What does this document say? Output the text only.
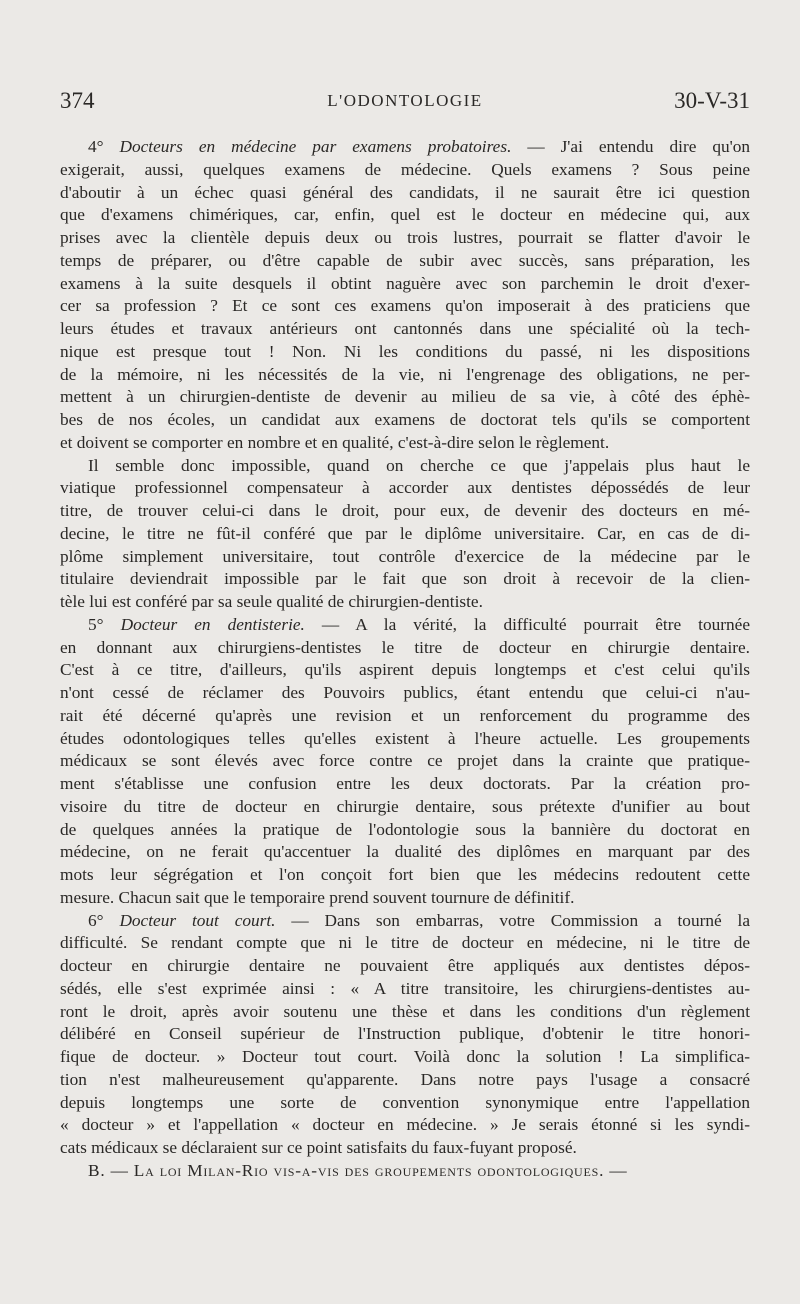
374	L'ODONTOLOGIE	30-V-31
4° Docteurs en médecine par examens probatoires. — J'ai entendu dire qu'on
exigerait, aussi, quelques examens de médecine. Quels examens ? Sous peine
d'aboutir à un échec quasi général des candidats, il ne saurait être ici question
que d'examens chimériques, car, enfin, quel est le docteur en médecine qui, aux
prises avec la clientèle depuis deux ou trois lustres, pourrait se flatter d'avoir le
temps de préparer, ou d'être capable de subir avec succès, sans préparation, les
examens à la suite desquels il obtint naguère avec son parchemin le droit d'exer-
cer sa profession ? Et ce sont ces examens qu'on imposerait à des praticiens que
leurs études et travaux antérieurs ont cantonnés dans une spécialité où la tech-
nique est presque tout ! Non. Ni les conditions du passé, ni les dispositions
de la mémoire, ni les nécessités de la vie, ni l'engrenage des obligations, ne per-
mettent à un chirurgien-dentiste de devenir au milieu de sa vie, à côté des éphè-
bes de nos écoles, un candidat aux examens de doctorat tels qu'ils se comportent
et doivent se comporter en nombre et en qualité, c'est-à-dire selon le règlement.
Il semble donc impossible, quand on cherche ce que j'appelais plus haut le
viatique professionnel compensateur à accorder aux dentistes dépossédés de leur
titre, de trouver celui-ci dans le droit, pour eux, de devenir des docteurs en mé-
decine, le titre ne fût-il conféré que par le diplôme universitaire. Car, en cas de di-
plôme simplement universitaire, tout contrôle d'exercice de la médecine par le
titulaire deviendrait impossible par le fait que son droit à recevoir de la clien-
tèle lui est conféré par sa seule qualité de chirurgien-dentiste.
5° Docteur en dentisterie. — A la vérité, la difficulté pourrait être tournée
en donnant aux chirurgiens-dentistes le titre de docteur en chirurgie dentaire.
C'est à ce titre, d'ailleurs, qu'ils aspirent depuis longtemps et c'est celui qu'ils
n'ont cessé de réclamer des Pouvoirs publics, étant entendu que celui-ci n'au-
rait été décerné qu'après une revision et un renforcement du programme des
études odontologiques telles qu'elles existent à l'heure actuelle. Les groupements
médicaux se sont élevés avec force contre ce projet dans la crainte que pratique-
ment s'établisse une confusion entre les deux doctorats. Par la création pro-
visoire du titre de docteur en chirurgie dentaire, sous prétexte d'unifier au bout
de quelques années la pratique de l'odontologie sous la bannière du doctorat en
médecine, on ne ferait qu'accentuer la dualité des diplômes en marquant par des
mots leur ségrégation et l'on conçoit fort bien que les médecins redoutent cette
mesure. Chacun sait que le temporaire prend souvent tournure de définitif.
6° Docteur tout court. — Dans son embarras, votre Commission a tourné la
difficulté. Se rendant compte que ni le titre de docteur en médecine, ni le titre de
docteur en chirurgie dentaire ne pouvaient être appliqués aux dentistes dépos-
sédés, elle s'est exprimée ainsi : « A titre transitoire, les chirurgiens-dentistes au-
ront le droit, après avoir soutenu une thèse et dans les conditions d'un règlement
délibéré en Conseil supérieur de l'Instruction publique, d'obtenir le titre honori-
fique de docteur. » Docteur tout court. Voilà donc la solution ! La simplifica-
tion n'est malheureusement qu'apparente. Dans notre pays l'usage a consacré
depuis longtemps une sorte de convention synonymique entre l'appellation
« docteur » et l'appellation « docteur en médecine. » Je serais étonné si les syndi-
cats médicaux se déclaraient sur ce point satisfaits du faux-fuyant proposé.
B. — La loi Milan-Rio vis-a-vis des groupements odontologiques. —
